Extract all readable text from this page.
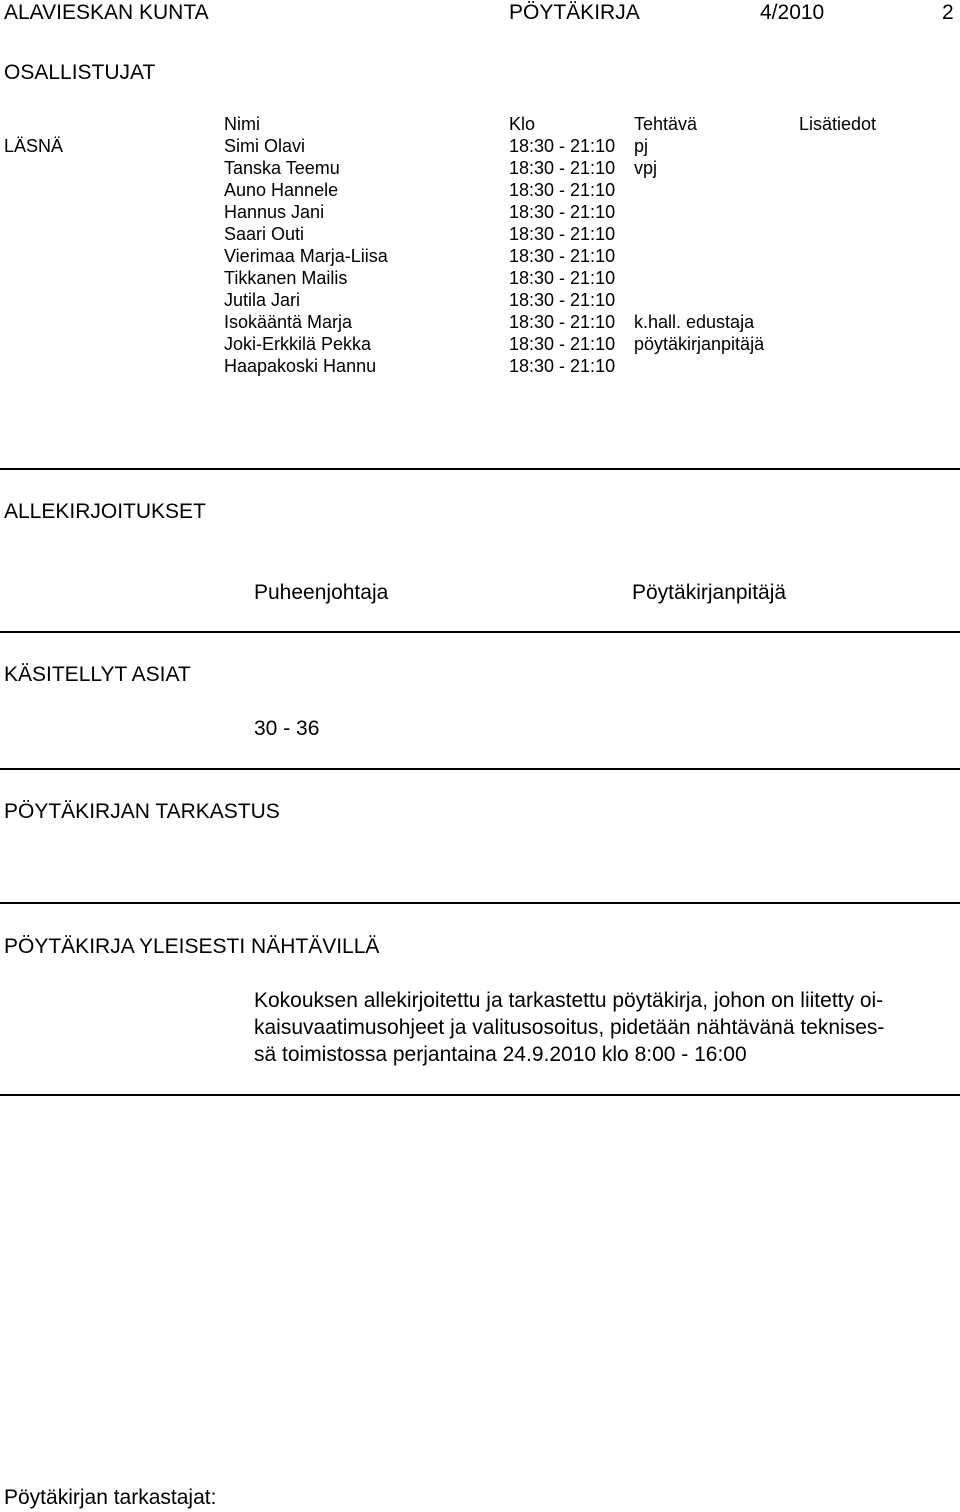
ALAVIESKAN KUNTA	PÖYTÄKIRJA	4/2010	2
OSALLISTUJAT
Nimi	Klo	Tehtävä	Lisätiedot
LÄSNÄ	Simi Olavi	18:30 - 21:10 pj
Tanska Teemu	18:30 - 21:10 vpj
Auno Hannele	18:30 - 21:10
Hannus Jani	18:30 - 21:10
Saari Outi	18:30 - 21:10
Vierimaa Marja-Liisa	18:30 - 21:10
Tikkanen Mailis	18:30 - 21:10
Jutila Jari	18:30 - 21:10
Isokääntä Marja	18:30 - 21:10 k.hall. edustaja
Joki-Erkkilä Pekka	18:30 - 21:10 pöytäkirjanpitäjä
Haapakoski Hannu	18:30 - 21:10
ALLEKIRJOITUKSET
Puheenjohtaja	Pöytäkirjanpitäjä
KÄSITELLYT ASIAT
30 - 36
PÖYTÄKIRJAN TARKASTUS
PÖYTÄKIRJA YLEISESTI NÄHTÄVILLÄ
Kokouksen allekirjoitettu ja tarkastettu pöytäkirja, johon on liitetty oi-
kaisuvaatimusohjeet ja valitusosoitus, pidetään nähtävänä teknises-
sä toimistossa perjantaina 24.9.2010 klo 8:00 - 16:00
Pöytäkirjan tarkastajat:
